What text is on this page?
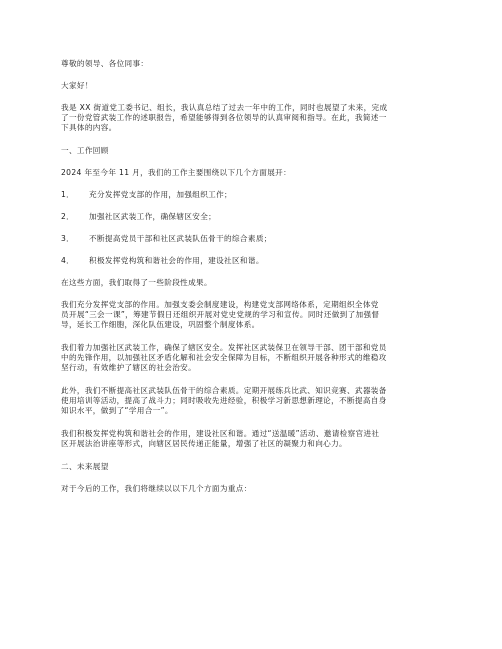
尊敬的领导、各位同事：

大家好！

我是 XX 街道党工委书记、组长，我认真总结了过去一年中的工作，同时也展望了未来，完成

了一份党管武装工作的述职报告，希望能够得到各位领导的认真审阅和指导。在此，我简述一

下具体的内容。

一、工作回顾

2024 年至今年 11 月，我们的工作主要围绕以下几个方面展开：

1． 充分发挥党支部的作用，加强组织工作；
2． 加强社区武装工作，确保辖区安全；
3． 不断提高党员干部和社区武装队伍骨干的综合素质；
4． 积极发挥党构筑和谐社会的作用，建设社区和谐。

在这些方面，我们取得了一些阶段性成果。

我们充分发挥党支部的作用。加强支委会制度建设，构建党支部网络体系，定期组织全体党

员开展“三会一课”，筹建节假日还组织开展对党史党规的学习和宣传。同时还做到了加强督

导，延长工作细胞，深化队伍建设，巩固整个制度体系。

我们着力加强社区武装工作，确保了辖区安全。发挥社区武装保卫在领导干部、团干部和党员

中的先锋作用，以加强社区矛盾化解和社会安全保障为目标，不断组织开展各种形式的维稳攻

坚行动，有效维护了辖区的社会治安。

此外，我们不断提高社区武装队伍骨干的综合素质。定期开展练兵比武、知识竞赛、武器装备

使用培训等活动，提高了战斗力；同时吸收先进经验，积极学习新思想新理论，不断提高自身

知识水平，做到了“学用合一”。

我们积极发挥党构筑和谐社会的作用，建设社区和谐。通过“送温暖”活动、邀请检察官进社

区开展法治讲座等形式，向辖区居民传递正能量，增强了社区的凝聚力和向心力。

二、未来展望

对于今后的工作，我们将继续以以下几个方面为重点：
